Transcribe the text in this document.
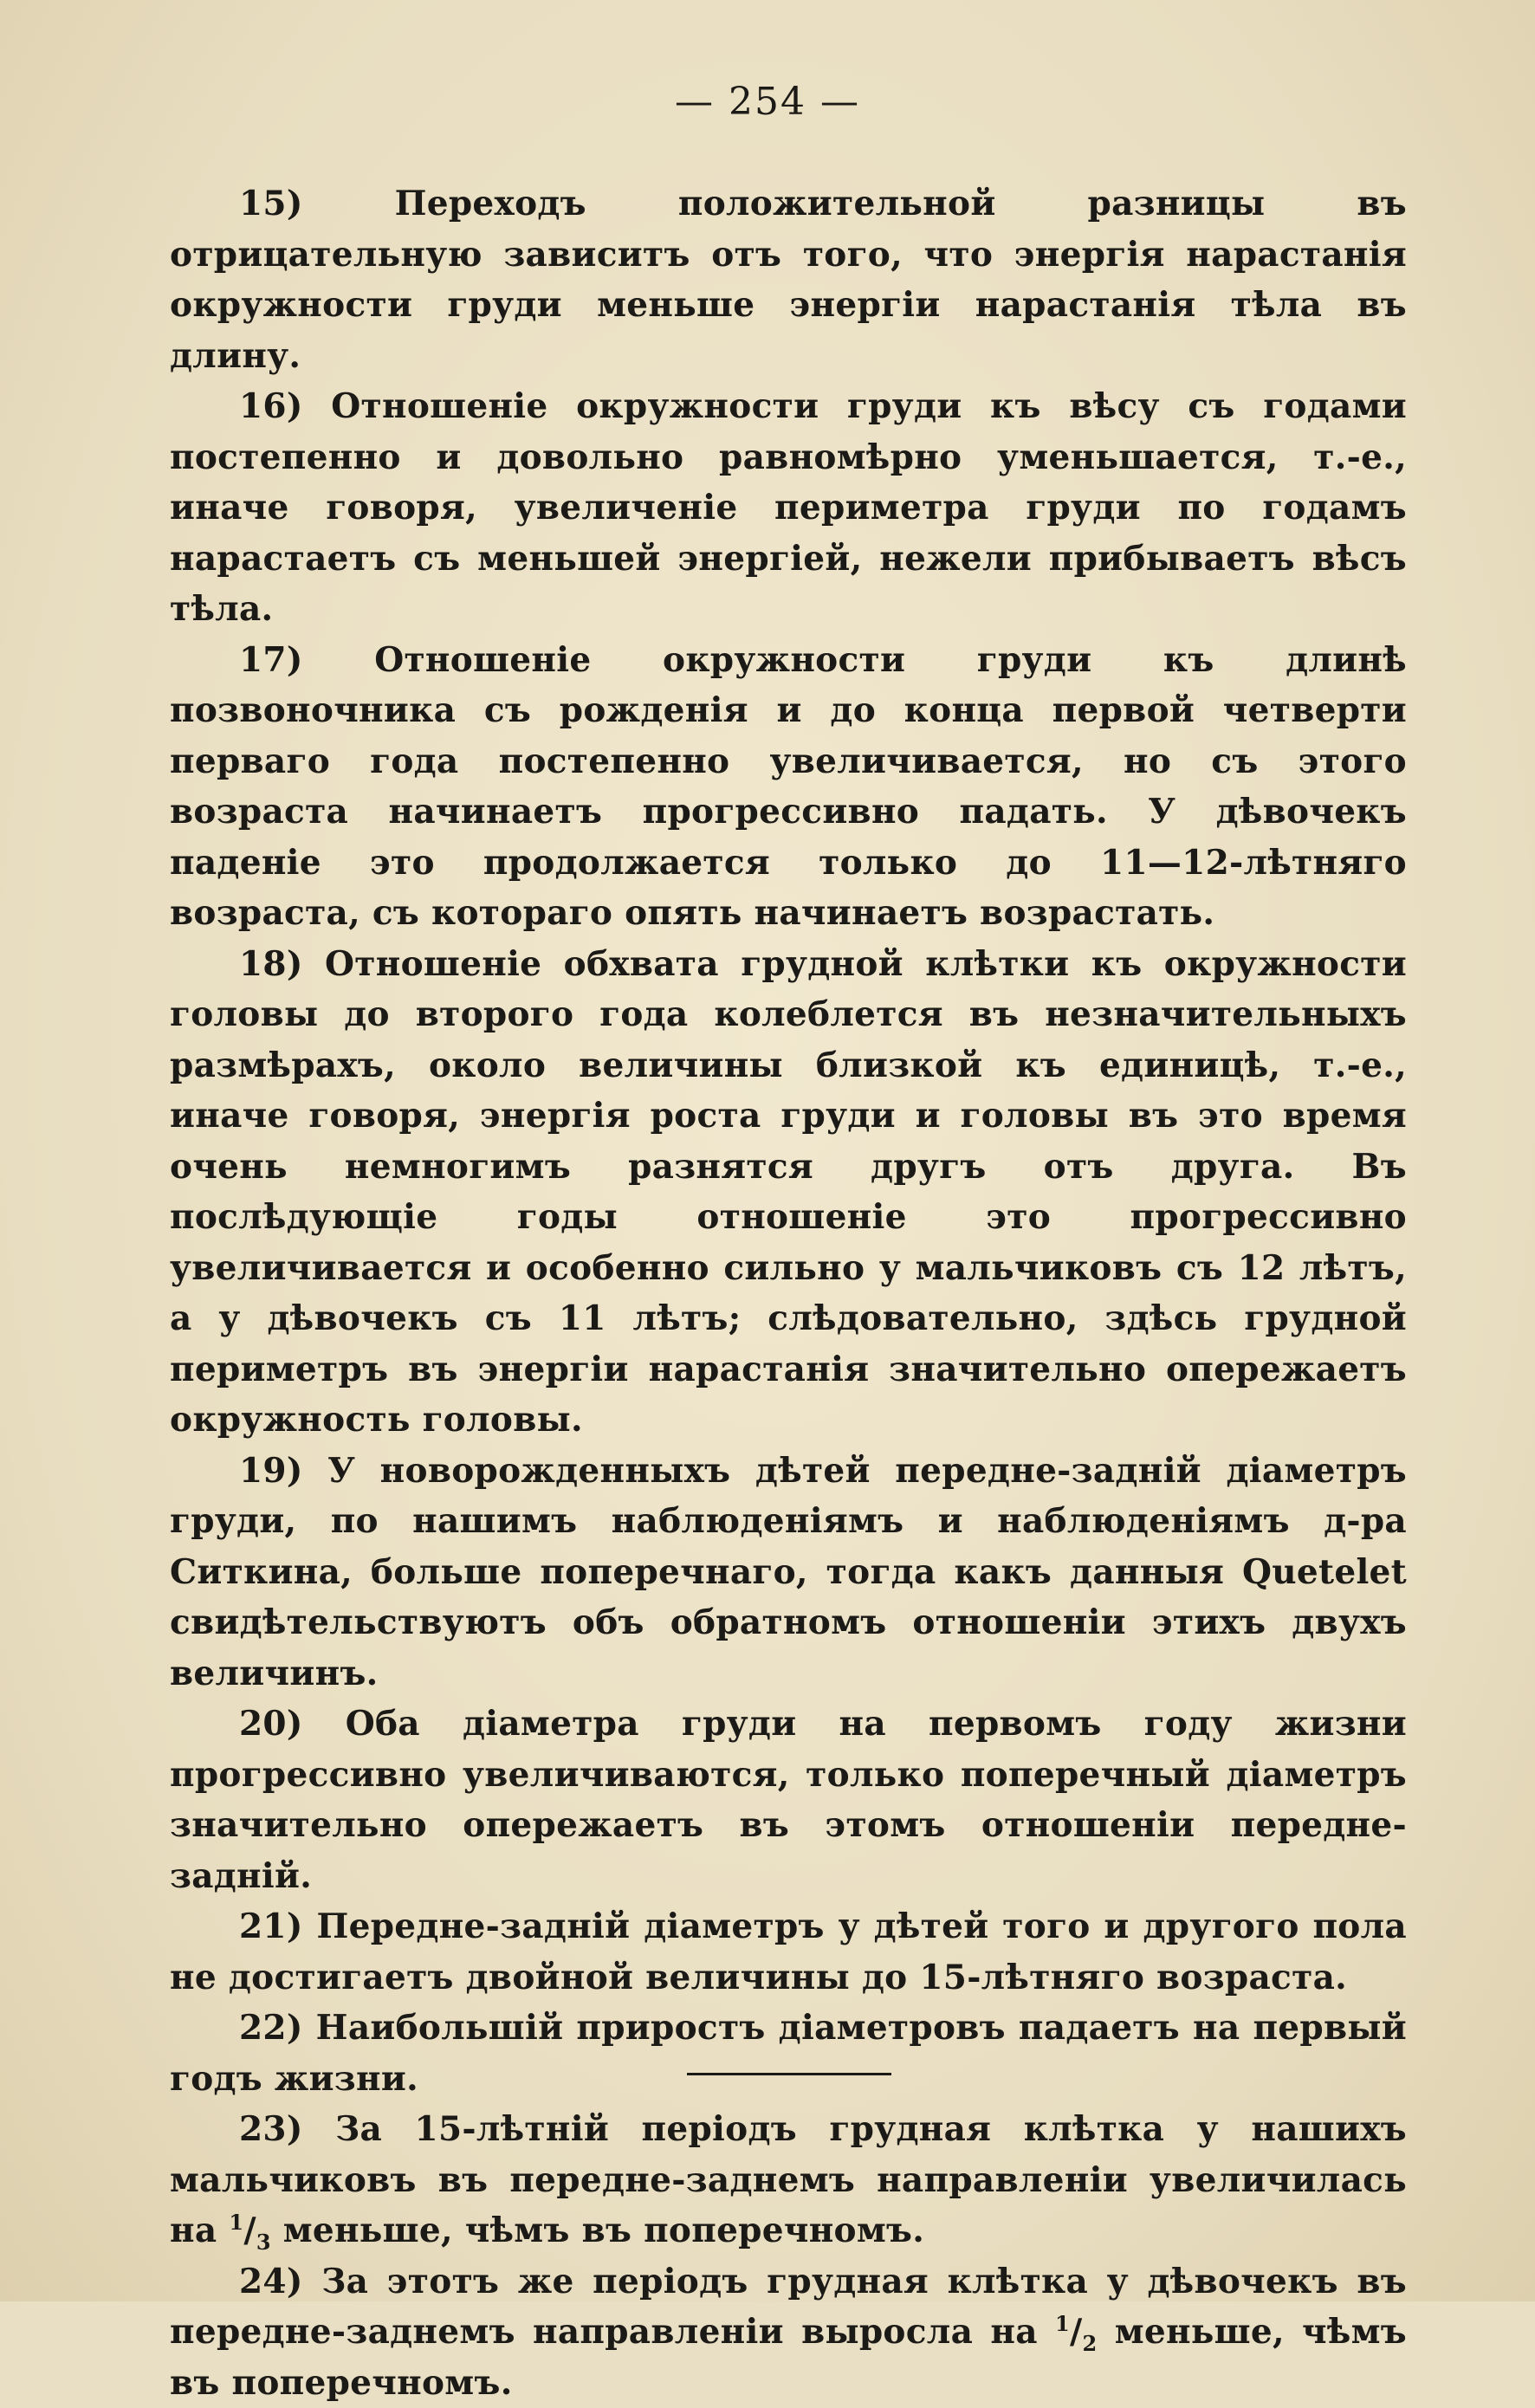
— 254 —

15)	Переходъ положительной разницы въ отрицательную зависитъ отъ того, что энергія нарастанія окружности груди меньше энергіи нарастанія тѣла въ длину.

16) Отношеніе окружности груди къ вѣсу съ годами постепенно и довольно равномѣрно уменьшается, т.-е., иначе говоря, увеличеніе периметра груди по годамъ нарастаетъ съ меньшей энергіей, нежели прибываетъ вѣсъ тѣла.

17) Отношеніе окружности груди къ длинѣ позвоночника съ рожденія и до конца первой четверти перваго года постепенно увеличивается, но съ этого возраста начинаетъ прогрессивно падать. У дѣвочекъ паденіе это продолжается только до 11—12-лѣтняго возраста, съ котораго опять начинаетъ возрастать.

18) Отношеніе обхвата грудной клѣтки къ окружности головы до второго года колеблется въ незначительныхъ размѣрахъ, около величины близкой къ единицѣ, т.-е., иначе говоря, энергія роста груди и головы въ это время очень немногимъ разнятся другъ отъ друга. Въ послѣдующіе годы отношеніе это прогрессивно увеличивается и особенно сильно у мальчиковъ съ 12 лѣтъ, а у дѣвочекъ съ 11 лѣтъ; слѣдовательно, здѣсь грудной периметръ въ энергіи нарастанія значительно опережаетъ окружность головы.

19) У новорожденныхъ дѣтей передне-задній діаметръ груди, по нашимъ наблюденіямъ и наблюденіямъ д-ра Ситкина, больше поперечнаго, тогда какъ данныя Quetelet свидѣтельствуютъ объ обратномъ отношеніи этихъ двухъ величинъ.

20) Оба діаметра груди на первомъ году жизни прогрессивно увеличиваются, только поперечный діаметръ значительно опережаетъ въ этомъ отношеніи передне-задній.

21) Передне-задній діаметръ у дѣтей того и другого пола не достигаетъ двойной величины до 15-лѣтняго возраста.

22) Наибольшій приростъ діаметровъ падаетъ на первый годъ жизни.

23) За 15-лѣтній періодъ грудная клѣтка у нашихъ мальчиковъ въ передне-заднемъ направленіи увеличилась на $^1/_3$ меньше, чѣмъ въ поперечномъ.

24) За этотъ же періодъ грудная клѣтка у дѣвочекъ въ передне-заднемъ направленіи выросла на $^1/_2$ меньше, чѣмъ въ поперечномъ.
